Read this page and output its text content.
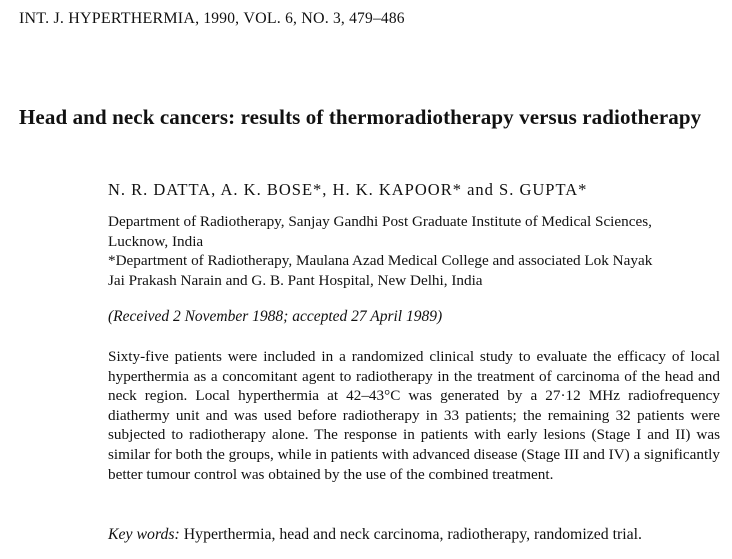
INT. J. HYPERTHERMIA, 1990, VOL. 6, NO. 3, 479–486
Head and neck cancers: results of thermoradiotherapy versus radiotherapy
N. R. DATTA, A. K. BOSE*, H. K. KAPOOR* and S. GUPTA*
Department of Radiotherapy, Sanjay Gandhi Post Graduate Institute of Medical Sciences,
Lucknow, India
*Department of Radiotherapy, Maulana Azad Medical College and associated Lok Nayak
Jai Prakash Narain and G. B. Pant Hospital, New Delhi, India
(Received 2 November 1988; accepted 27 April 1989)

Sixty-five patients were included in a randomized clinical study to evaluate the efficacy of local hyperthermia as a concomitant agent to radiotherapy in the treatment of carcinoma of the head and neck region. Local hyperthermia at 42–43°C was generated by a 27·12 MHz radiofrequency diathermy unit and was used before radiotherapy in 33 patients; the remaining 32 patients were subjected to radiotherapy alone. The response in patients with early lesions (Stage I and II) was similar for both the groups, while in patients with advanced disease (Stage III and IV) a significantly better tumour control was obtained by the use of the combined treatment.

Key words: Hyperthermia, head and neck carcinoma, radiotherapy, randomized trial.
